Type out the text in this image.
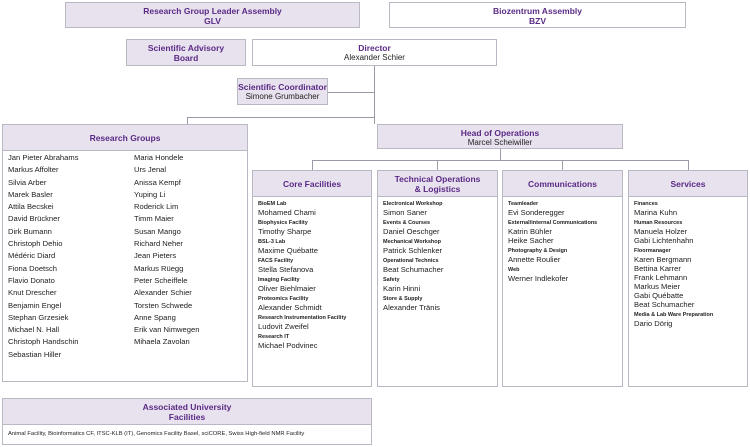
Research Group Leader Assembly
GLV
Biozentrum Assembly
BZV
Scientific Advisory
Board
Director
Alexander Schier
Scientific Coordinator
Simone Grumbacher
Research Groups
Jan Pieter Abrahams
Markus Affolter
Silvia Arber
Marek Basler
Attila Becskei
David Brückner
Dirk Bumann
Christoph Dehio
Médéric Diard
Fiona Doetsch
Flavio Donato
Knut Drescher
Benjamin Engel
Stephan Grzesiek
Michael N. Hall
Christoph Handschin
Sebastian Hiller
Maria Hondele
Urs Jenal
Anissa Kempf
Yuping Li
Roderick Lim
Timm Maier
Susan Mango
Richard Neher
Jean Pieters
Markus Rüegg
Peter Scheiffele
Alexander Schier
Torsten Schwede
Anne Spang
Erik van Nimwegen
Mihaela Zavolan
Head of Operations
Marcel Scheiwiller
Core Facilities
BioEM Lab
Mohamed Chami
Biophysics Facility
Timothy Sharpe
BSL-3 Lab
Maxime Québatte
FACS Facility
Stella Stefanova
Imaging Facility
Oliver Biehlmaier
Proteomics Facility
Alexander Schmidt
Research Instrumentation Facility
Ludovit Zweifel
Research IT
Michael Podvinec
Technical Operations
& Logistics
Electronical Workshop
Simon Saner
Events & Courses
Daniel Oeschger
Mechanical Workshop
Patrick Schlenker
Operational Technics
Beat Schumacher
Safety
Karin Hinni
Store & Supply
Alexander Tränis
Communications
Teamleader
Evi Sonderegger
External/internal Communications
Katrin Bühler
Heike Sacher
Photography & Design
Annette Roulier
Web
Werner Indlekofer
Services
Finances
Marina Kuhn
Human Resources
Manuela Holzer
Gabi Lichtenhahn
Floormanager
Karen Bergmann
Bettina Karrer
Frank Lehmann
Markus Meier
Gabi Québatte
Beat Schumacher
Media & Lab Ware Preparation
Dario Dörig
Associated University
Facilities
Animal Facility, Bioinformatics CF, ITSC-KLB (IT), Genomics Facility Basel, sciCORE, Swiss High-field NMR Facility
